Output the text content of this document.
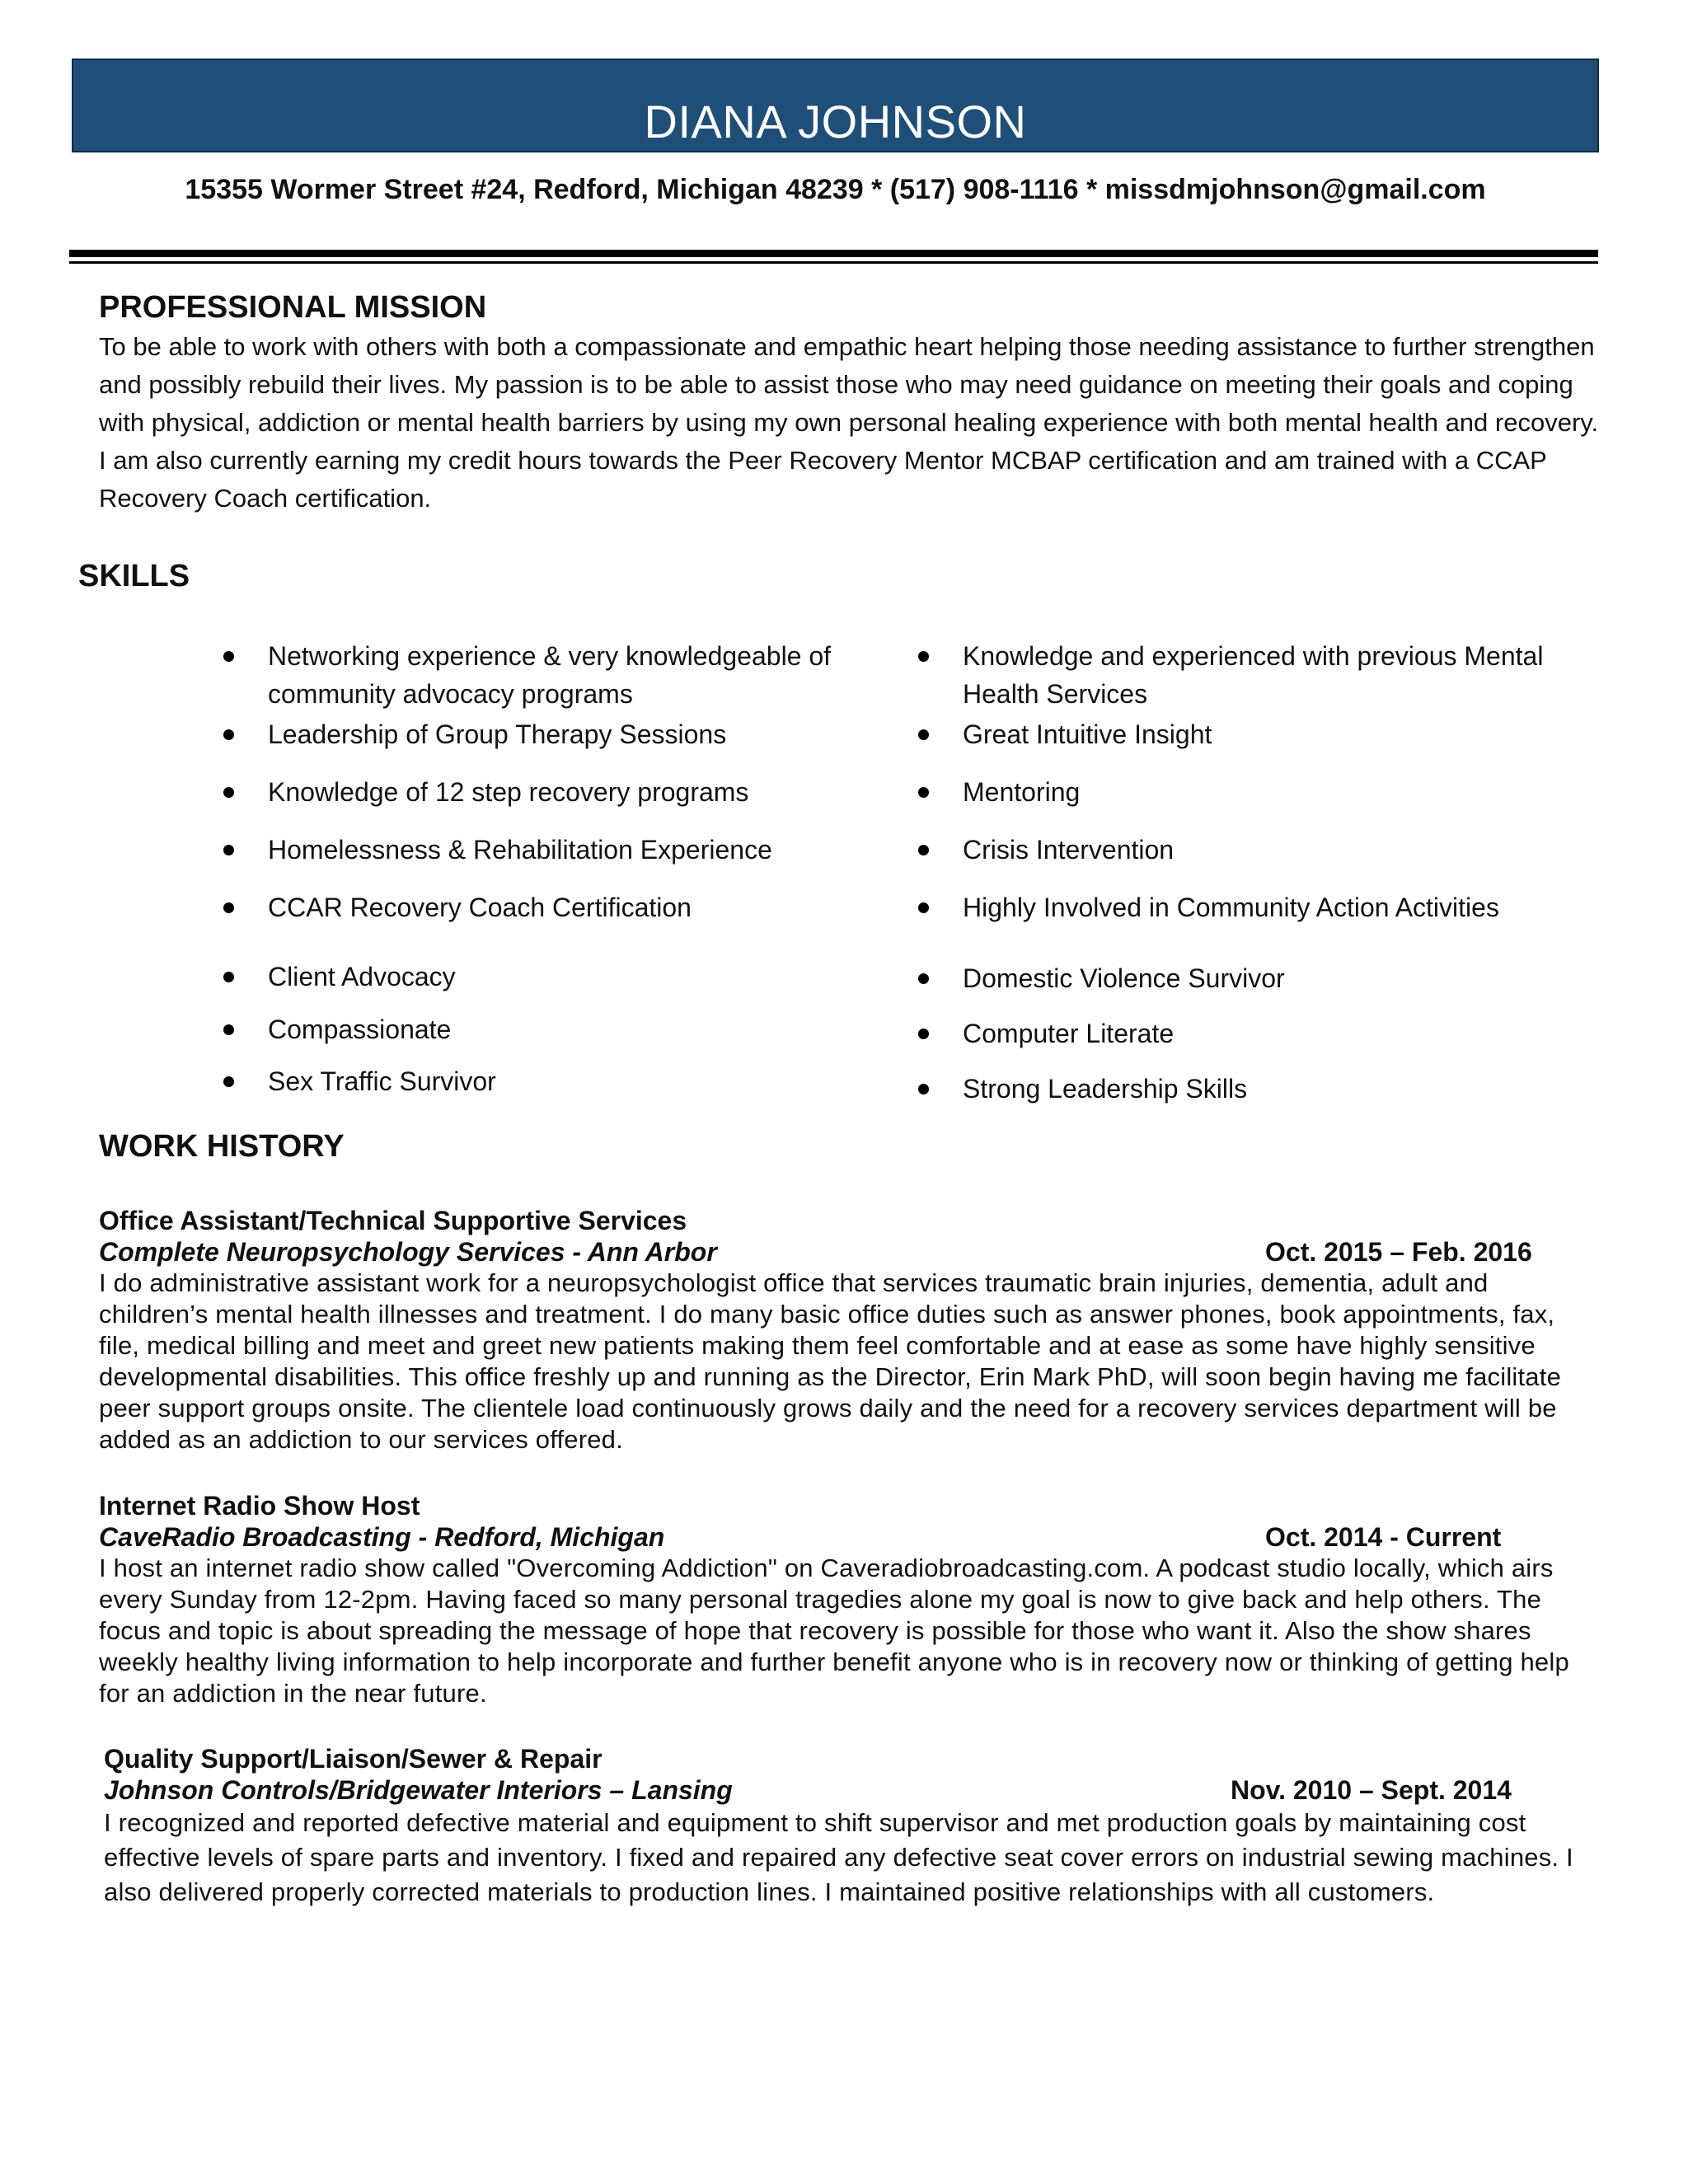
DIANA JOHNSON
15355 Wormer Street #24, Redford, Michigan 48239 * (517) 908-1116 * missdmjohnson@gmail.com
PROFESSIONAL MISSION
To be able to work with others with both a compassionate and empathic heart helping those needing assistance to further strengthen and possibly rebuild their lives. My passion is to be able to assist those who may need guidance on meeting their goals and coping with physical, addiction or mental health barriers by using my own personal healing experience with both mental health and recovery. I am also currently earning my credit hours towards the Peer Recovery Mentor MCBAP certification and am trained with a CCAP Recovery Coach certification.
SKILLS
Networking experience & very knowledgeable of community advocacy programs
Leadership of Group Therapy Sessions
Knowledge of 12 step recovery programs
Homelessness & Rehabilitation Experience
CCAR Recovery Coach Certification
Client Advocacy
Compassionate
Sex Traffic Survivor
Knowledge and experienced with previous Mental Health Services
Great Intuitive Insight
Mentoring
Crisis Intervention
Highly Involved in Community Action Activities
Domestic Violence Survivor
Computer Literate
Strong Leadership Skills
WORK HISTORY
Office Assistant/Technical Supportive Services
Complete Neuropsychology Services - Ann Arbor	Oct. 2015 – Feb. 2016
I do administrative assistant work for a neuropsychologist office that services traumatic brain injuries, dementia, adult and children’s mental health illnesses and treatment. I do many basic office duties such as answer phones, book appointments, fax, file, medical billing and meet and greet new patients making them feel comfortable and at ease as some have highly sensitive developmental disabilities. This office freshly up and running as the Director, Erin Mark PhD, will soon begin having me facilitate peer support groups onsite. The clientele load continuously grows daily and the need for a recovery services department will be added as an addiction to our services offered.
Internet Radio Show Host
CaveRadio Broadcasting - Redford, Michigan	Oct. 2014 - Current
I host an internet radio show called "Overcoming Addiction" on Caveradiobroadcasting.com. A podcast studio locally, which airs every Sunday from 12-2pm. Having faced so many personal tragedies alone my goal is now to give back and help others. The focus and topic is about spreading the message of hope that recovery is possible for those who want it. Also the show shares weekly healthy living information to help incorporate and further benefit anyone who is in recovery now or thinking of getting help for an addiction in the near future.
Quality Support/Liaison/Sewer & Repair
Johnson Controls/Bridgewater Interiors – Lansing	Nov. 2010 – Sept. 2014
I recognized and reported defective material and equipment to shift supervisor and met production goals by maintaining cost effective levels of spare parts and inventory. I fixed and repaired any defective seat cover errors on industrial sewing machines. I also delivered properly corrected materials to production lines. I maintained positive relationships with all customers.
